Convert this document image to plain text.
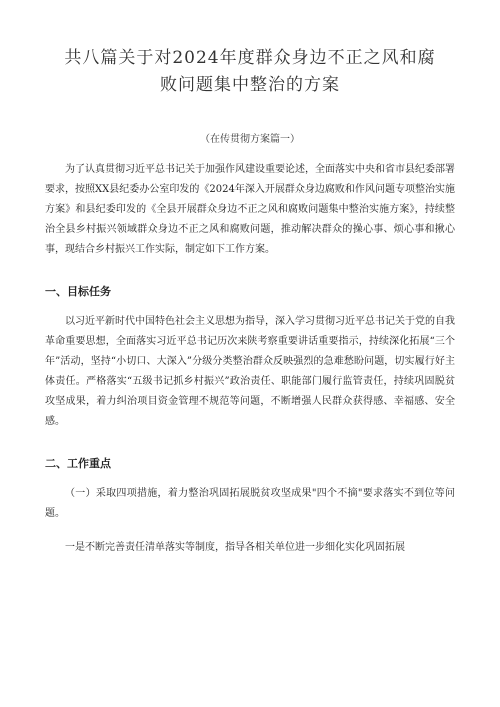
共八篇关于对2024年度群众身边不正之风和腐败问题集中整治的方案

（在传贯彻方案篇一）

为了认真贯彻习近平总书记关于加强作风建设重要论述，全面落实中央和省市县纪委部署要求，按照XX县纪委办公室印发的《2024年深入开展群众身边腐败和作风问题专项整治实施方案》和县纪委印发的《全县开展群众身边不正之风和腐败问题集中整治实施方案》，持续整治全县乡村振兴领域群众身边不正之风和腐败问题，推动解决群众的操心事、烦心事和揪心事，现结合乡村振兴工作实际，制定如下工作方案。

一、目标任务

以习近平新时代中国特色社会主义思想为指导，深入学习贯彻习近平总书记关于党的自我革命重要思想，全面落实习近平总书记历次来陕考察重要讲话重要指示，持续深化拓展“三个年”活动，坚持“小切口、大深入”分级分类整治群众反映强烈的急难愁盼问题，切实履行好主体责任。严格落实“五级书记抓乡村振兴”政治责任、职能部门履行监管责任，持续巩固脱贫攻坚成果，着力纠治项目资金管理不规范等问题，不断增强人民群众获得感、幸福感、安全感。

二、工作重点

（一）采取四项措施，着力整治巩固拓展脱贫攻坚成果"四个不摘"要求落实不到位等问题。

一是不断完善责任清单落实等制度，指导各相关单位进一步细化实化巩固拓展
